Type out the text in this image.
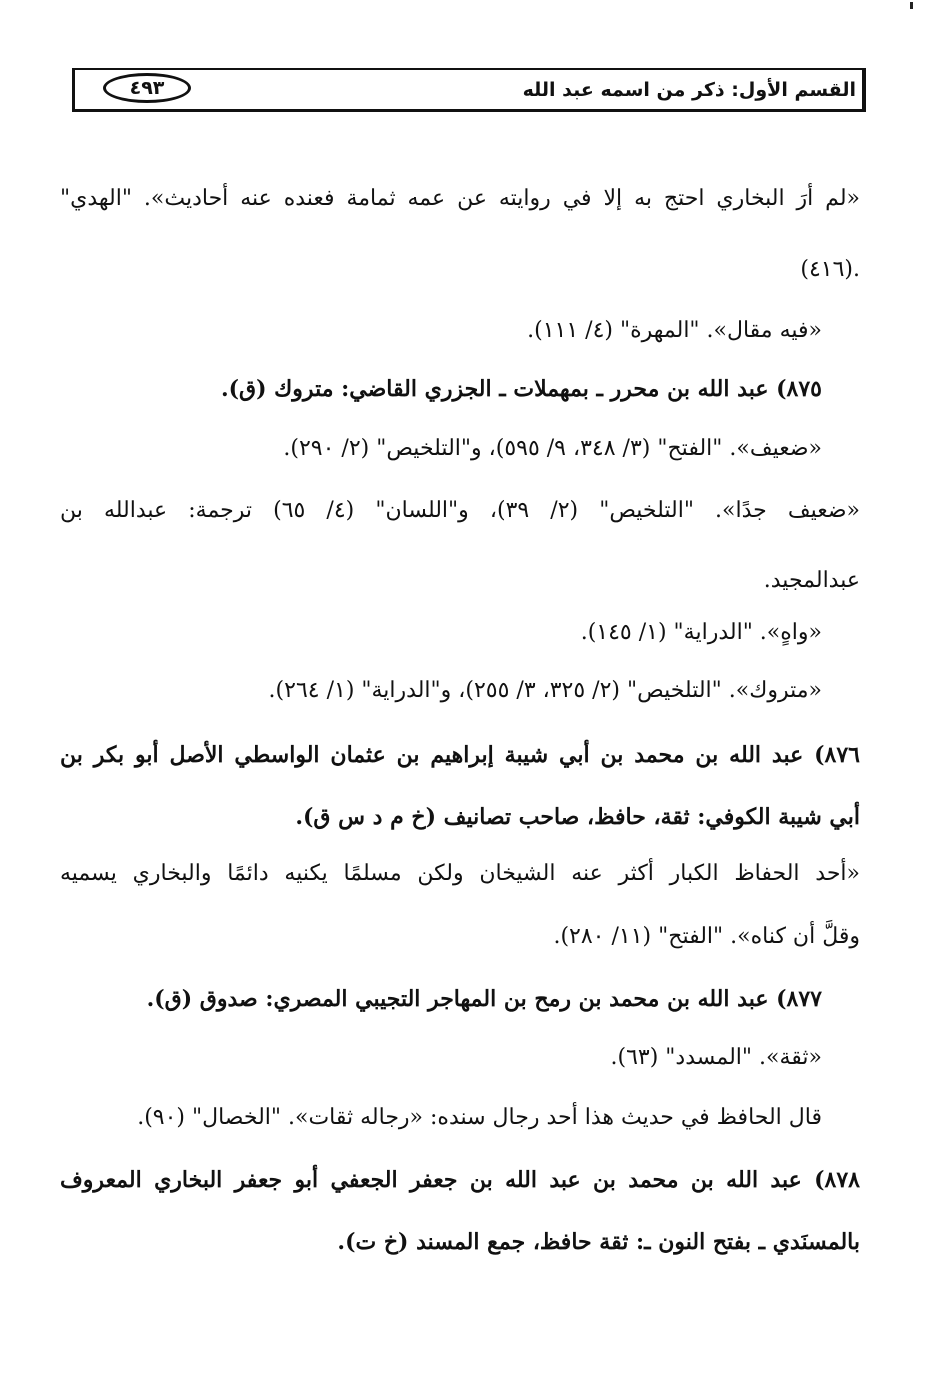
القسم الأول: ذكر من اسمه عبد الله
٤٩٣
«لم أرَ البخاري احتج به إلا في روايته عن عمه ثمامة فعنده عنه أحاديث». "الهدي"
(٤١٦).
«فيه مقال». "المهرة" (٤/ ١١١).
٨٧٥) عبد الله بن محرر ـ بمهملات ـ الجزري القاضي: متروك (ق).
«ضعيف». "الفتح" (٣/ ٣٤٨، ٩/ ٥٩٥)، و"التلخيص" (٢/ ٢٩٠).
«ضعيف جدًا». "التلخيص" (٢/ ٣٩)، و"اللسان" (٤/ ٦٥) ترجمة: عبدالله بن
عبدالمجيد.
«واهٍ». "الدراية" (١/ ١٤٥).
«متروك». "التلخيص" (٢/ ٣٢٥، ٣/ ٢٥٥)، و"الدراية" (١/ ٢٦٤).
٨٧٦) عبد الله بن محمد بن أبي شيبة إبراهيم بن عثمان الواسطي الأصل أبو بكر بن
أبي شيبة الكوفي: ثقة، حافظ، صاحب تصانيف (خ م د س ق).
«أحد الحفاظ الكبار أكثر عنه الشيخان ولكن مسلمًا يكنيه دائمًا والبخاري يسميه
وقلَّ أن كناه». "الفتح" (١١/ ٢٨٠).
٨٧٧) عبد الله بن محمد بن رمح بن المهاجر التجيبي المصري: صدوق (ق).
«ثقة». "المسدد" (٦٣).
قال الحافظ في حديث هذا أحد رجال سنده: «رجاله ثقات». "الخصال" (٩٠).
٨٧٨) عبد الله بن محمد بن عبد الله بن جعفر الجعفي أبو جعفر البخاري المعروف
بالمسنَدي ـ بفتح النون ـ: ثقة حافظ، جمع المسند (خ ت).
